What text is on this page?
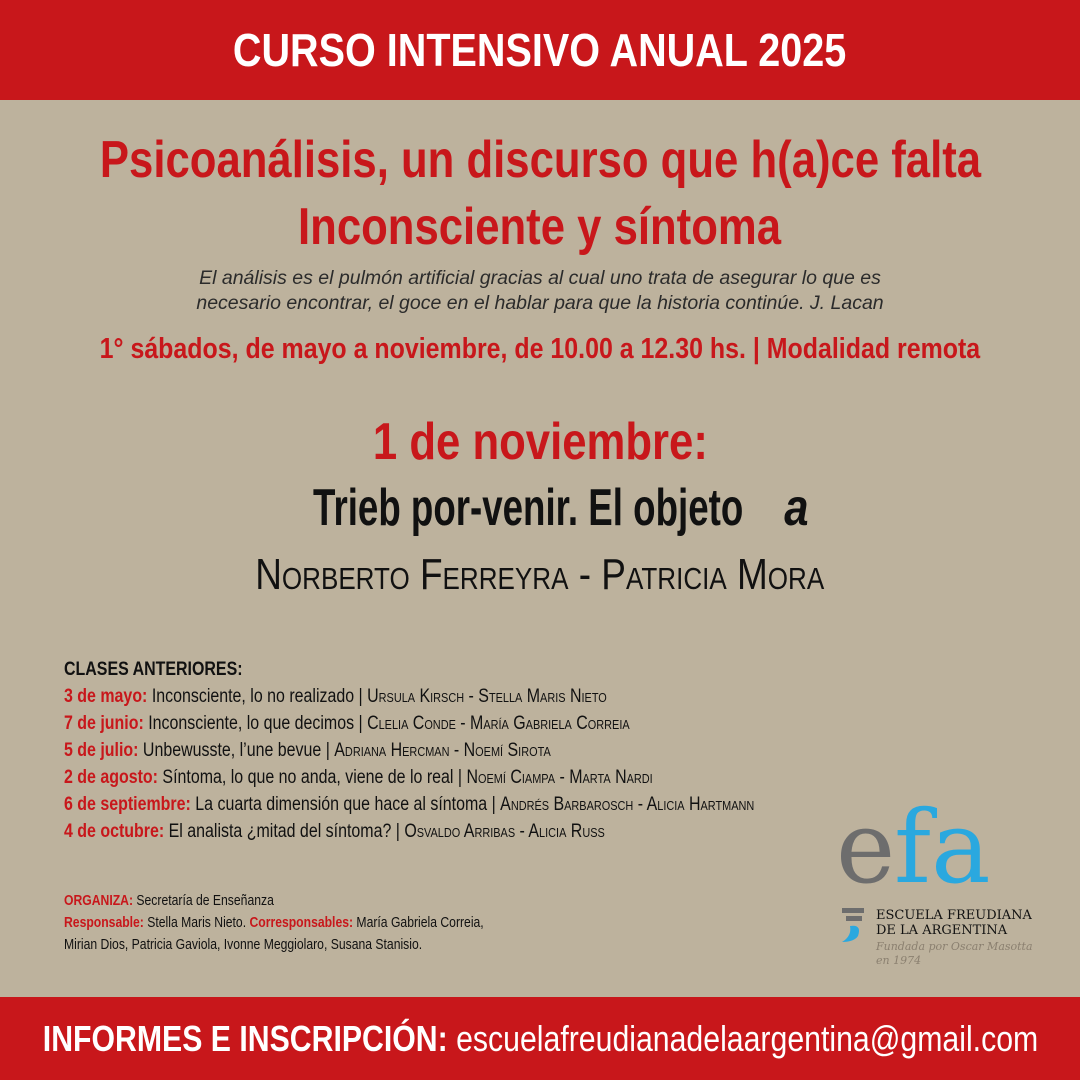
CURSO INTENSIVO ANUAL 2025
Psicoanálisis, un discurso que h(a)ce falta
Inconsciente y síntoma
El análisis es el pulmón artificial gracias al cual uno trata de asegurar lo que es
necesario encontrar, el goce en el hablar para que la historia continúe. J. Lacan
1° sábados, de mayo a noviembre, de 10.00 a 12.30 hs. | Modalidad remota
1 de noviembre:
Trieb por-venir. El objetoa
Norberto Ferreyra - Patricia Mora
CLASES ANTERIORES:
3 de mayo: Inconsciente, lo no realizado | Ursula Kirsch - Stella Maris Nieto
7 de junio: Inconsciente, lo que decimos | Clelia Conde - María Gabriela Correia
5 de julio: Unbewusste, l’une bevue | Adriana Hercman - Noemí Sirota
2 de agosto: Síntoma, lo que no anda, viene de lo real | Noemí Ciampa - Marta Nardi
6 de septiembre: La cuarta dimensión que hace al síntoma | Andrés Barbarosch - Alicia Hartmann
4 de octubre: El analista ¿mitad del síntoma? | Osvaldo Arribas - Alicia Russ
ORGANIZA: Secretaría de Enseñanza
Responsable: Stella Maris Nieto. Corresponsables: María Gabriela Correia,
Mirian Dios, Patricia Gaviola, Ivonne Meggiolaro, Susana Stanisio.
e
fa
ESCUELA FREUDIANA
DE LA ARGENTINA
Fundada por Oscar Masotta
en 1974
INFORMES E INSCRIPCIÓN: escuelafreudianadelaargentina@gmail.com
